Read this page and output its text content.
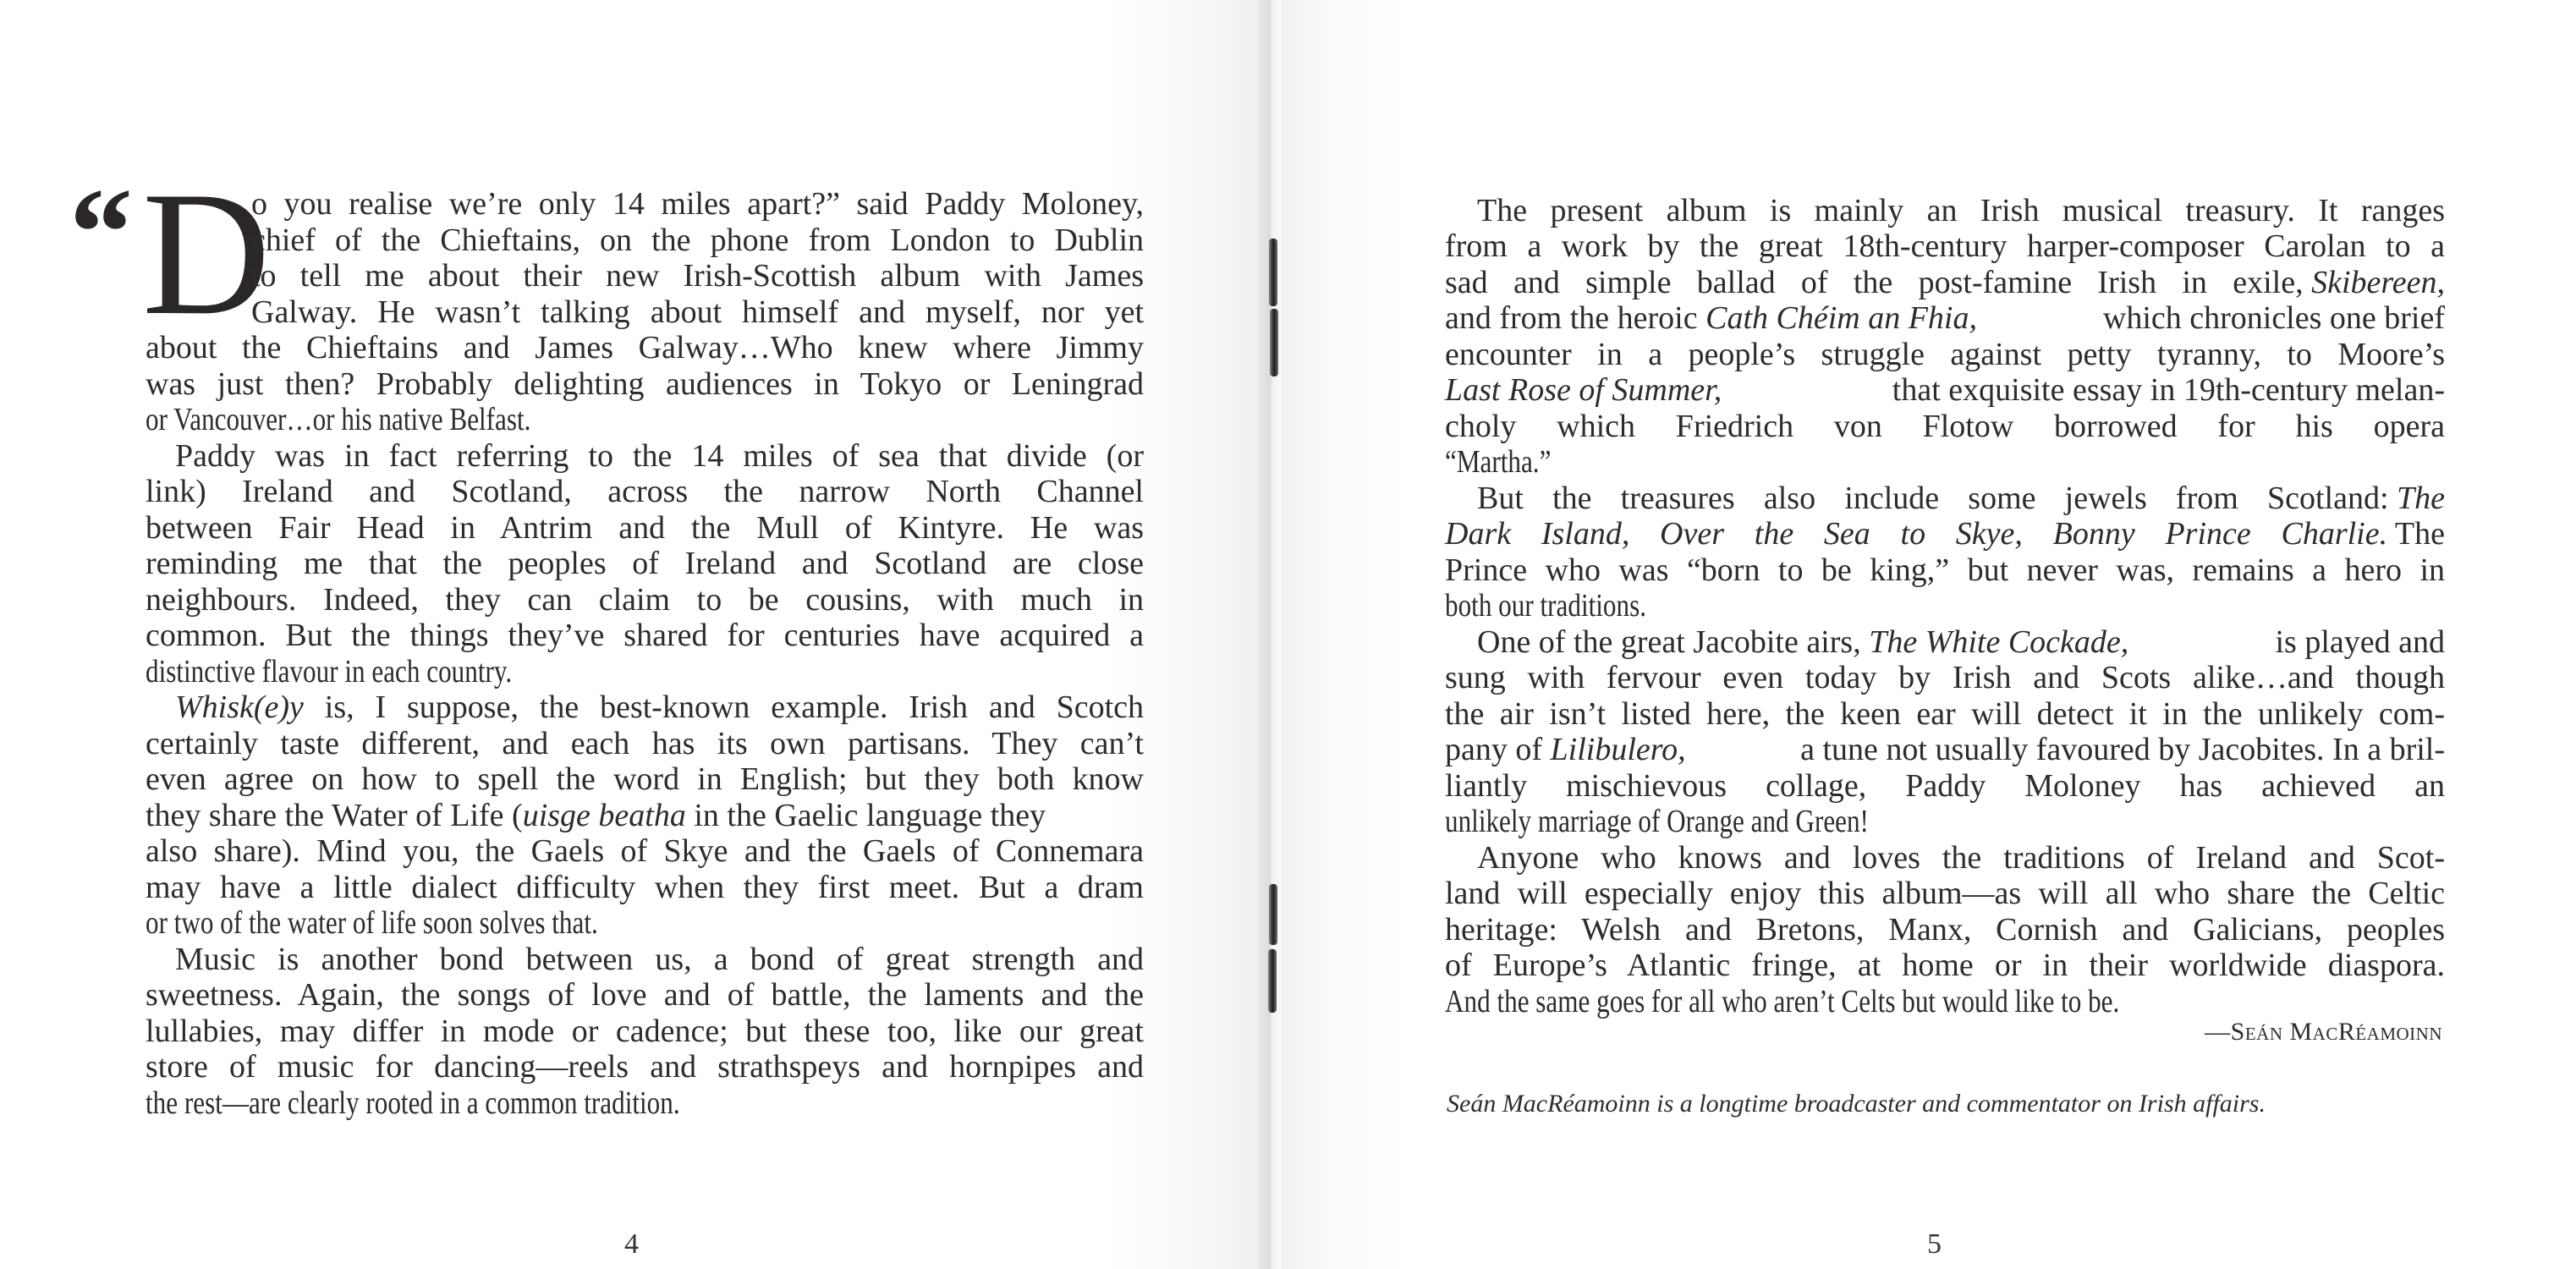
“ D
o you realise we’re only 14 miles apart?” said Paddy Moloney,
chief of the Chieftains, on the phone from London to Dublin
to tell me about their new Irish-Scottish album with James
Galway. He wasn’t talking about himself and myself, nor yet
about the Chieftains and James Galway…Who knew where Jimmy
was just then? Probably delighting audiences in Tokyo or Leningrad
or Vancouver…or his native Belfast.
Paddy was in fact referring to the 14 miles of sea that divide (or
link) Ireland and Scotland, across the narrow North Channel
between Fair Head in Antrim and the Mull of Kintyre. He was
reminding me that the peoples of Ireland and Scotland are close
neighbours. Indeed, they can claim to be cousins, with much in
common. But the things they’ve shared for centuries have acquired a
distinctive flavour in each country.
Whisk(e)y is, I suppose, the best-known example. Irish and Scotch
certainly taste different, and each has its own partisans. They can’t
even agree on how to spell the word in English; but they both know
they share the Water of Life ( uisge beatha in the Gaelic language they
also share). Mind you, the Gaels of Skye and the Gaels of Connemara
may have a little dialect difficulty when they first meet. But a dram
or two of the water of life soon solves that.
Music is another bond between us, a bond of great strength and
sweetness. Again, the songs of love and of battle, the laments and the
lullabies, may differ in mode or cadence; but these too, like our great
store of music for dancing—reels and strathspeys and hornpipes and
the rest—are clearly rooted in a common tradition.
4
The present album is mainly an Irish musical treasury. It ranges
from a work by the great 18th-century harper-composer Carolan to a
sad and simple ballad of the post-famine Irish in exile, Skibereen,
and from the heroic Cath Chéim an Fhia,	which chronicles one brief
encounter in a people’s struggle against petty tyranny, to Moore’s
Last Rose of Summer,	that exquisite essay in 19th-century melan-
choly which Friedrich von Flotow borrowed for his opera
“Martha.”
But the treasures also include some jewels from Scotland: The
Dark Island, Over the Sea to Skye, Bonny Prince Charlie. The
Prince who was “born to be king,” but never was, remains a hero in
both our traditions.
One of the great Jacobite airs, The White Cockade,	is played and
sung with fervour even today by Irish and Scots alike…and though
the air isn’t listed here, the keen ear will detect it in the unlikely com-
pany of Lilibulero,	a tune not usually favoured by Jacobites. In a bril-
liantly mischievous collage, Paddy Moloney has achieved an
unlikely marriage of Orange and Green!
Anyone who knows and loves the traditions of Ireland and Scot-
land will especially enjoy this album—as will all who share the Celtic
heritage: Welsh and Bretons, Manx, Cornish and Galicians, peoples
of Europe’s Atlantic fringe, at home or in their worldwide diaspora.
And the same goes for all who aren’t Celts but would like to be.
—Seán MacRéamoinn
Seán MacRéamoinn is a longtime broadcaster and commentator on Irish affairs.
5
